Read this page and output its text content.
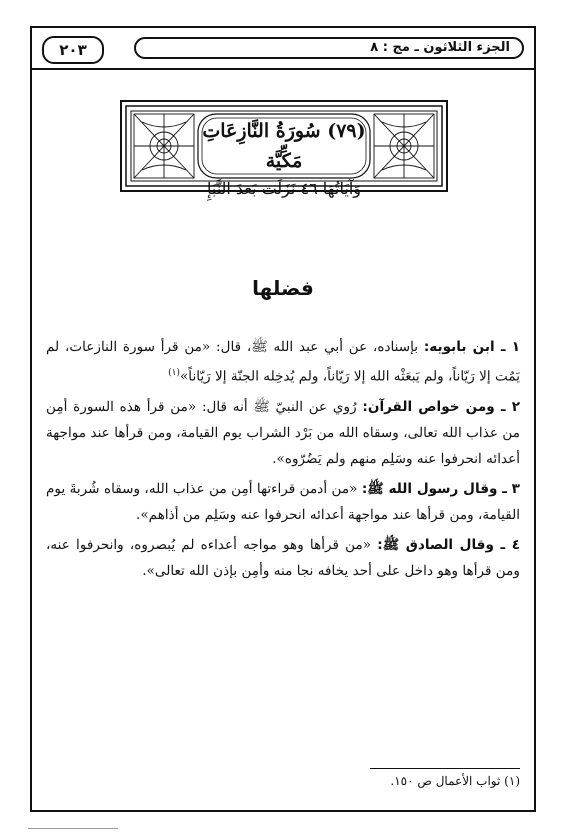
الجزء الثلاثون ـ مج : ٨
٢٠٣
(٧٩) سُورَةُ النَّازِعَاتِ مَكِّيَّة
وَآيَاتُهَا ٤٦ نَزَلَت بَعدَ النَّبَإِ
فضلها

١ ـ ابن بابويه: بإسناده، عن أبي عبد الله ﷺ، قال: «من قرأ سورة النازعات، لم يَمُت إلا رَيّاناً، ولم يَبعَثْه الله إلا رَيّاناً، ولم يُدخِله الجنّة إلا رَيّاناً»$^{(١)}$

٢ ـ ومن خواص القرآن: رُوي عن النبيّ ﷺ أنه قال: «من قرأ هذه السورة أمِن من عذاب الله تعالى، وسقاه الله من بَرْد الشراب يوم القيامة، ومن قرأها عند مواجهة أعدائه انحرفوا عنه وسَلِم منهم ولم يَضُرّوه».

٣ ـ وقال رسول الله ﷺ: «من أدمن قراءتها أمِن من عذاب الله، وسقاه شُربةَ يوم القيامة، ومن قرأها عند مواجهة أعدائه انحرفوا عنه وسَلِم من أذاهم».

٤ ـ وقال الصادق ﷺ: «من قرأها وهو مواجه أعداءه لم يُبصروه، وانحرفوا عنه، ومن قرأها وهو داخل على أحد يخافه نجا منه وأمِن بإذن الله تعالى».

(١) ثواب الأعمال ص ١٥٠.
